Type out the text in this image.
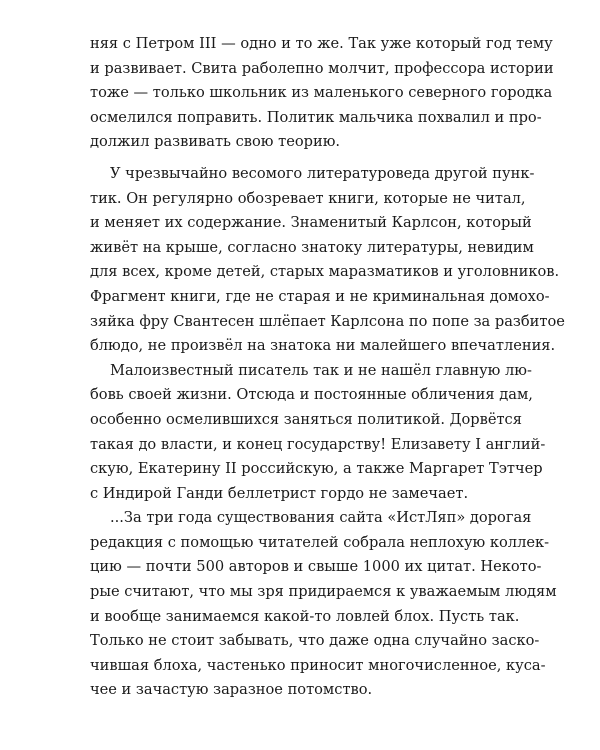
няя с Петром III — одно и то же. Так уже который год тему
и развивает. Свита раболепно молчит, профессора истории
тоже — только школьник из маленького северного городка
осмелился поправить. Политик мальчика похвалил и про-
должил развивать свою теорию.
У чрезвычайно весомого литературоведа другой пунк-
тик. Он регулярно обозревает книги, которые не читал,
и меняет их содержание. Знаменитый Карлсон, который
живёт на крыше, согласно знатоку литературы, невидим
для всех, кроме детей, старых маразматиков и уголовников.
Фрагмент книги, где не старая и не криминальная домохо-
зяйка фру Свантесен шлёпает Карлсона по попе за разбитое
блюдо, не произвёл на знатока ни малейшего впечатления.
Малоизвестный писатель так и не нашёл главную лю-
бовь своей жизни. Отсюда и постоянные обличения дам,
особенно осмелившихся заняться политикой. Дорвётся
такая до власти, и конец государству! Елизавету I англий-
скую, Екатерину II российскую, а также Маргарет Тэтчер
с Индирой Ганди беллетрист гордо не замечает.
...За три года существования сайта «ИстЛяп» дорогая
редакция с помощью читателей собрала неплохую коллек-
цию — почти 500 авторов и свыше 1000 их цитат. Некото-
рые считают, что мы зря придираемся к уважаемым людям
и вообще занимаемся какой-то ловлей блох. Пусть так.
Только не стоит забывать, что даже одна случайно заско-
чившая блоха, частенько приносит многочисленное, куса-
чее и зачастую заразное потомство.
